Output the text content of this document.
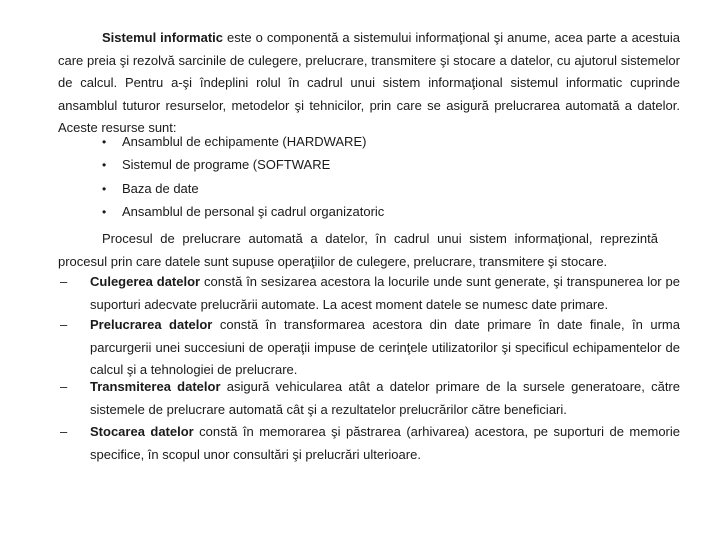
Sistemul informatic este o componentă a sistemului informaţional şi anume, acea parte a acestuia care preia şi rezolvă sarcinile de culegere, prelucrare, transmitere şi stocare a datelor, cu ajutorul sistemelor de calcul. Pentru a-şi îndeplini rolul în cadrul unui sistem informaţional sistemul informatic cuprinde ansamblul tuturor resurselor, metodelor şi tehnicilor, prin care se asigură prelucrarea automată a datelor. Aceste resurse sunt:

• Ansamblul de echipamente (HARDWARE)
• Sistemul de programe (SOFTWARE
• Baza de date
• Ansamblul de personal şi cadrul organizatoric

Procesul de prelucrare automată a datelor, în cadrul unui sistem informaţional, reprezintă procesul prin care datele sunt supuse operaţiilor de culegere, prelucrare, transmitere şi stocare.

–	Culegerea datelor constă în sesizarea acestora la locurile unde sunt generate, şi transpunerea lor pe suporturi adecvate prelucrării automate. La acest moment datele se numesc date primare.

–	Prelucrarea datelor constă în transformarea acestora din date primare în date finale, în urma parcurgerii unei succesiuni de operaţii impuse de cerinţele utilizatorilor şi specificul echipamentelor de calcul şi a tehnologiei de prelucrare.

–	Transmiterea datelor asigură vehicularea atât a datelor primare de la sursele generatoare, către sistemele de prelucrare automată cât şi a rezultatelor prelucrărilor către beneficiari.

–	Stocarea datelor constă în memorarea şi păstrarea (arhivarea) acestora, pe suporturi de memorie specifice, în scopul unor consultări şi prelucrări ulterioare.
